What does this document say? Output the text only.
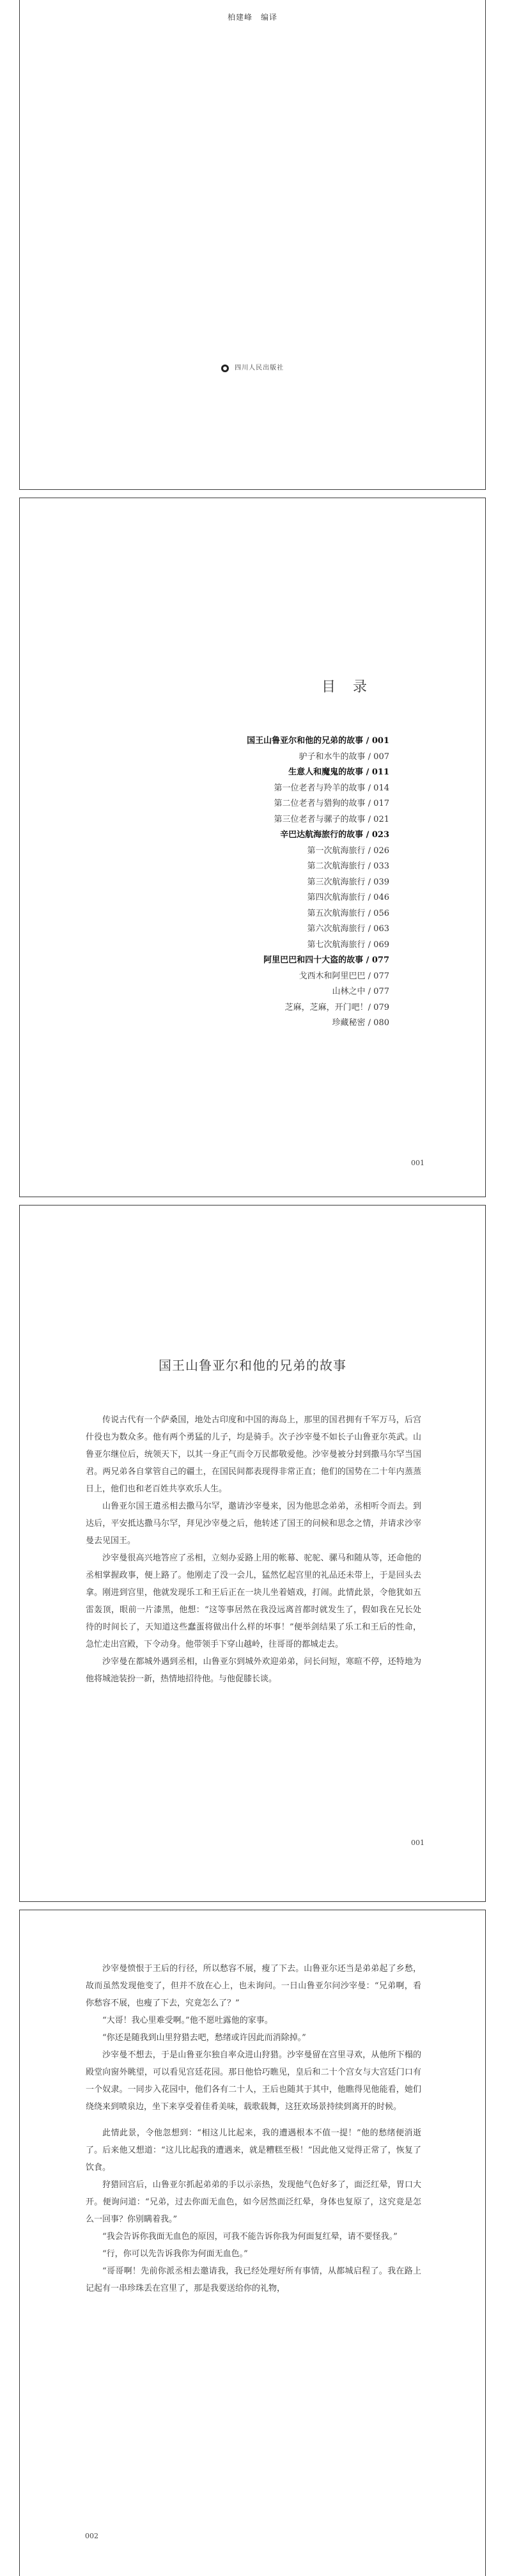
柏建峰　编译
四川人民出版社
目 录
国王山鲁亚尔和他的兄弟的故事 / 001
驴子和水牛的故事 / 007
生意人和魔鬼的故事 / 011
第一位老者与羚羊的故事 / 014
第二位老者与猎狗的故事 / 017
第三位老者与骡子的故事 / 021
辛巴达航海旅行的故事 / 023
第一次航海旅行 / 026
第二次航海旅行 / 033
第三次航海旅行 / 039
第四次航海旅行 / 046
第五次航海旅行 / 056
第六次航海旅行 / 063
第七次航海旅行 / 069
阿里巴巴和四十大盗的故事 / 077
戈西木和阿里巴巴 / 077
山林之中 / 077
芝麻，芝麻，开门吧！/ 079
珍藏秘密 / 080
001
国王山鲁亚尔和他的兄弟的故事

传说古代有一个萨桑国，地处古印度和中国的海岛上，那里的国君拥有千军万马，后宫什役也为数众多。他有两个勇猛的儿子，均是骑手。次子沙宰曼不如长子山鲁亚尔英武。山鲁亚尔继位后，统领天下，以其一身正气而令万民都敬爱他。沙宰曼被分封到撒马尔罕当国君。两兄弟各自掌管自己的疆土，在国民间都表现得非常正直；他们的国势在二十年内蒸蒸日上，他们也和老百姓共享欢乐人生。

山鲁亚尔国王遣丞相去撒马尔罕，邀请沙宰曼来，因为他思念弟弟，丞相听令而去。到达后，平安抵达撒马尔罕，拜见沙宰曼之后，他转述了国王的问候和思念之情，并请求沙宰曼去见国王。

沙宰曼很高兴地答应了丞相，立刻办妥路上用的帐幕、驼驼、骡马和随从等，还命他的丞相掌握政事，便上路了。他刚走了没一会儿，猛然忆起宫里的礼品还未带上，于是回头去拿。刚进到宫里，他就发现乐工和王后正在一块儿坐着嬉戏，打闹。此情此景，令他犹如五雷轰顶，眼前一片漆黑，他想：“这等事居然在我没远离首都时就发生了，假如我在兄长处待的时间长了，天知道这些蠢蛋将做出什么样的坏事！”便举剑结果了乐工和王后的性命，急忙走出宫殿，下令动身。他带领手下穿山越岭，往哥哥的都城走去。

沙宰曼在都城外遇到丞相，山鲁亚尔到城外欢迎弟弟，问长问短，寒暄不停，还特地为他将城池装扮一新，热情地招待他。与他促膝长谈。

001

沙宰曼愤恨于王后的行径，所以愁容不展，瘦了下去。山鲁亚尔还当是弟弟起了乡愁，故而虽然发现他变了，但并不放在心上，也未询问。一日山鲁亚尔问沙宰曼：“兄弟啊，看你愁容不展，也瘦了下去，究竟怎么了？”

“大哥！我心里难受啊。”他不愿吐露他的家事。

“你还是随我到山里狩猎去吧，愁绪或许因此而消除掉。”

沙宰曼不想去，于是山鲁亚尔独自率众进山狩猎。沙宰曼留在宫里寻欢，从他所下榻的殿堂向窗外眺望，可以看见宫廷花园。那日他恰巧瞧见，皇后和二十个宫女与大宫廷门口有一个奴隶。一同步入花园中，他们各有二十人，王后也随其于其中，他瞧得见他能看，她们绕绕来到喷泉边，坐下来享受着佳肴美味，载歌载舞，这狂欢场景持续到离开的时候。

此情此景，令他忽想到：“相这儿比起来，我的遭遇根本不值一提！”他的愁绪便消逝了。后来他又想道：“这儿比起我的遭遇来，就是糟糕至极！”因此他又觉得正常了，恢复了饮食。

狩猎回宫后，山鲁亚尔抓起弟弟的手以示亲热，发现他气色好多了，面泛红晕，胃口大开。便询问道：“兄弟，过去你面无血色，如今居然面泛红晕，身体也复原了，这究竟是怎么一回事？你别瞒着我。”

“我会告诉你我面无血色的原因，可我不能告诉你我为何面复红晕，请不要怪我。”

“行，你可以先告诉我你为何面无血色。”

“哥哥啊！先前你派丞相去邀请我，我已经处理好所有事情，从都城启程了。我在路上记起有一串珍珠丢在宫里了，那是我要送给你的礼物，

002
